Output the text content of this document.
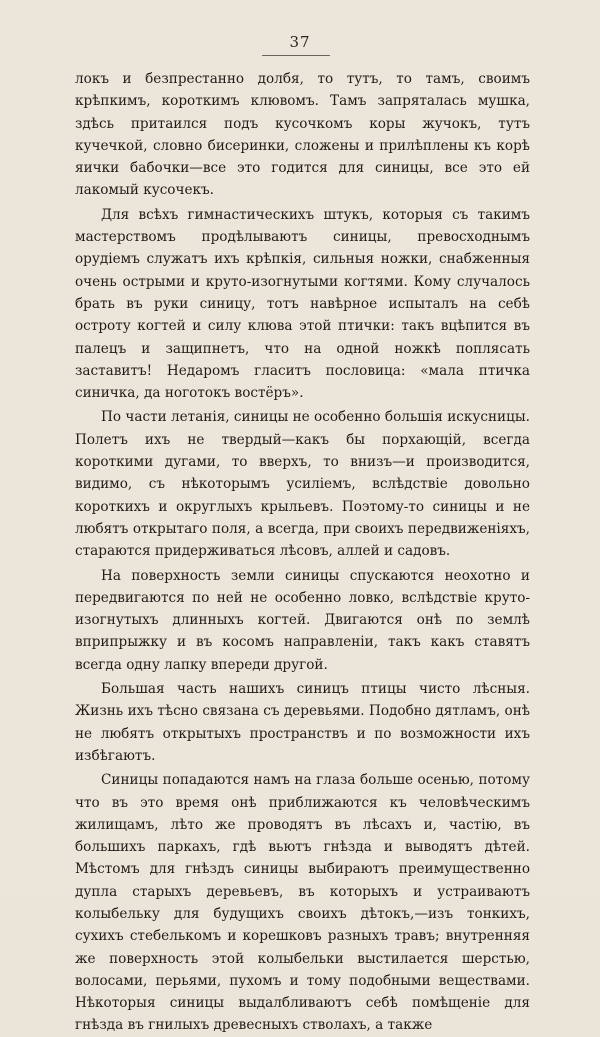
37

локъ и безпрестанно долбя, то тутъ, то тамъ, своимъ крѣпкимъ, короткимъ клювомъ. Тамъ запряталась мушка, здѣсь притаился подъ кусочкомъ коры жучокъ, тутъ кучечкой, словно бисеринки, сложены и прилѣплены къ корѣ яички бабочки—все это годится для синицы, все это ей лакомый кусочекъ.

Для всѣхъ гимнастическихъ штукъ, которыя съ такимъ мастерствомъ продѣлываютъ синицы, превосходнымъ орудіемъ служатъ ихъ крѣпкія, сильныя ножки, снабженныя очень острыми и круто-изогнутыми когтями. Кому случалось брать въ руки синицу, тотъ навѣрное испыталъ на себѣ остроту когтей и силу клюва этой птички: такъ вцѣпится въ палецъ и защипнетъ, что на одной ножкѣ поплясать заставитъ! Недаромъ гласитъ пословица: «мала птичка синичка, да ноготокъ востёръ».

По части летанія, синицы не особенно большія искусницы. Полетъ ихъ не твердый—какъ бы порхающій, всегда короткими дугами, то вверхъ, то внизъ—и производится, видимо, съ нѣкоторымъ усиліемъ, вслѣдствіе довольно короткихъ и округлыхъ крыльевъ. Поэтому-то синицы и не любятъ открытаго поля, а всегда, при своихъ передвиженіяхъ, стараются придерживаться лѣсовъ, аллей и садовъ.

На поверхность земли синицы спускаются неохотно и передвигаются по ней не особенно ловко, вслѣдствіе круто-изогнутыхъ длинныхъ когтей. Двигаются онѣ по землѣ вприпрыжку и въ косомъ направленіи, такъ какъ ставятъ всегда одну лапку впереди другой.

Большая часть нашихъ синицъ птицы чисто лѣсныя. Жизнь ихъ тѣсно связана съ деревьями. Подобно дятламъ, онѣ не любятъ открытыхъ пространствъ и по возможности ихъ избѣгаютъ.

Синицы попадаются намъ на глаза больше осенью, потому что въ это время онѣ приближаются къ человѣческимъ жилищамъ, лѣто же проводятъ въ лѣсахъ и, частію, въ большихъ паркахъ, гдѣ вьютъ гнѣзда и выводятъ дѣтей. Мѣстомъ для гнѣздъ синицы выбираютъ преимущественно дупла старыхъ деревьевъ, въ которыхъ и устраиваютъ колыбельку для будущихъ своихъ дѣтокъ,—изъ тонкихъ, сухихъ стебелькомъ и корешковъ разныхъ травъ; внутренняя же поверхность этой колыбельки выстилается шерстью, волосами, перьями, пухомъ и тому подобными веществами. Нѣкоторыя синицы выдалбливаютъ себѣ помѣщеніе для гнѣзда въ гнилыхъ древесныхъ стволахъ, а также
